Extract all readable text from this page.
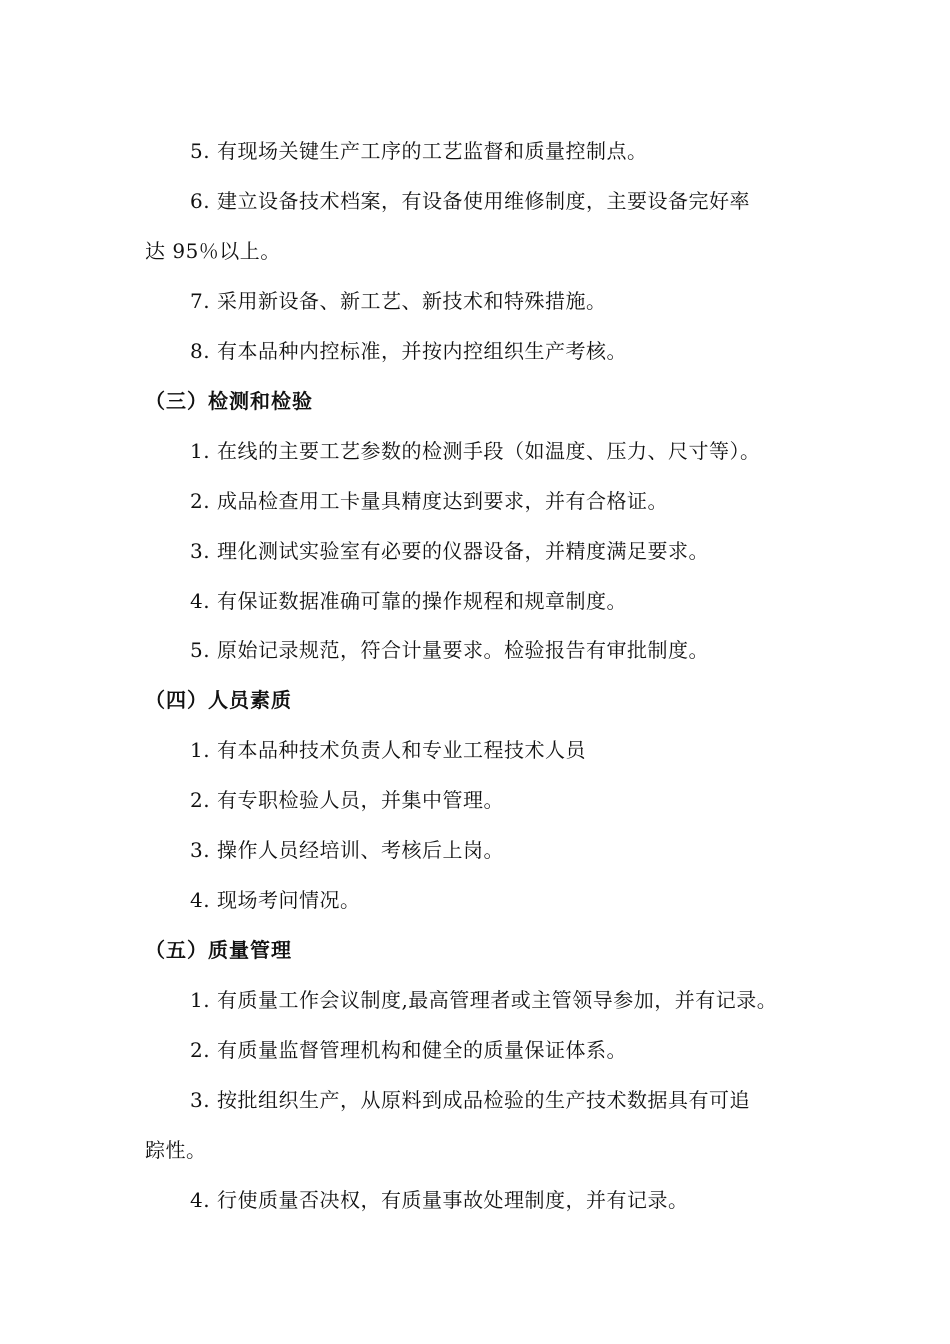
5. 有现场关键生产工序的工艺监督和质量控制点。
6. 建立设备技术档案，有设备使用维修制度，主要设备完好率
达 95％以上。
7. 采用新设备、新工艺、新技术和特殊措施。
8. 有本品种内控标准，并按内控组织生产考核。
（三）检测和检验
1. 在线的主要工艺参数的检测手段（如温度、压力、尺寸等）。
2. 成品检查用工卡量具精度达到要求，并有合格证。
3. 理化测试实验室有必要的仪器设备，并精度满足要求。
4. 有保证数据准确可靠的操作规程和规章制度。
5. 原始记录规范，符合计量要求。检验报告有审批制度。
（四）人员素质
1. 有本品种技术负责人和专业工程技术人员
2. 有专职检验人员，并集中管理。
3. 操作人员经培训、考核后上岗。
4. 现场考问情况。
（五）质量管理
1. 有质量工作会议制度,最高管理者或主管领导参加，并有记录。
2. 有质量监督管理机构和健全的质量保证体系。
3. 按批组织生产，从原料到成品检验的生产技术数据具有可追
踪性。
4. 行使质量否决权，有质量事故处理制度，并有记录。
